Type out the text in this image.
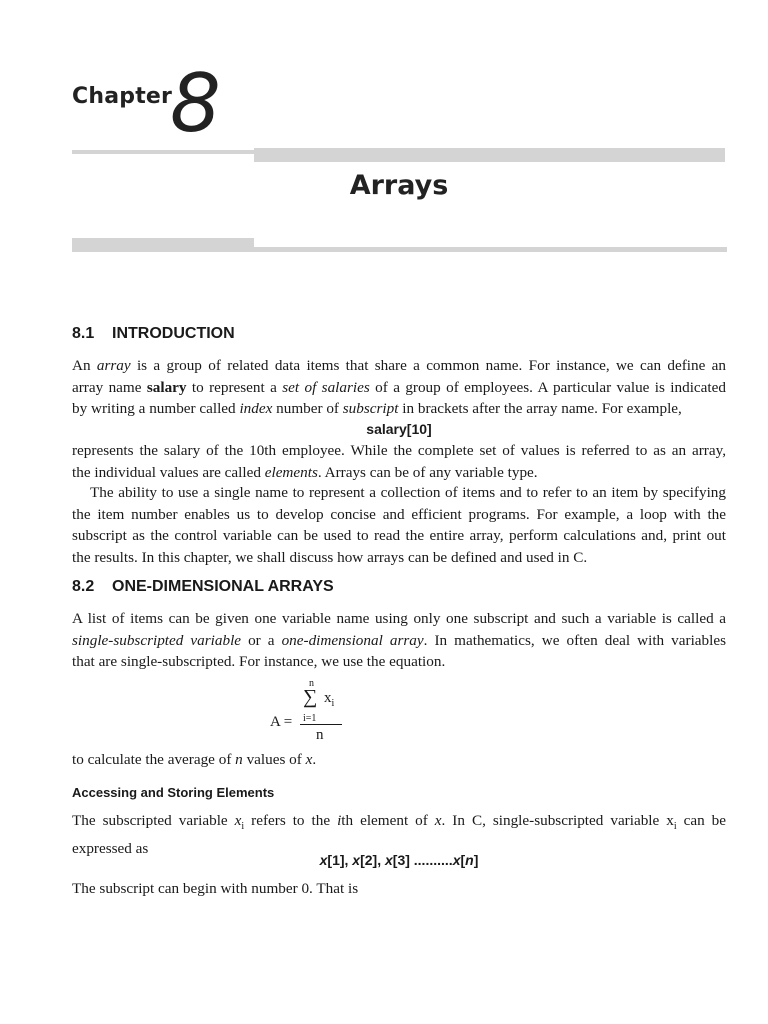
Chapter
8
Arrays
8.1 INTRODUCTION
An array is a group of related data items that share a common name. For instance, we can define an
array name salary to represent a set of salaries of a group of employees. A particular value is indicated
by writing a number called index number of subscript in brackets after the array name. For example,
salary[10]
represents the salary of the 10th employee. While the complete set of values is referred to as an array,
the individual values are called elements. Arrays can be of any variable type.
The ability to use a single name to represent a collection of items and to refer to an item by specifying
the item number enables us to develop concise and efficient programs. For example, a loop with the
subscript as the control variable can be used to read the entire array, perform calculations and, print out
the results. In this chapter, we shall discuss how arrays can be defined and used in C.
8.2 ONE-DIMENSIONAL ARRAYS
A list of items can be given one variable name using only one subscript and such a variable is called a
single-subscripted variable or a one-dimensional array. In mathematics, we often deal with variables
that are single-subscripted. For instance, we use the equation.
A =
n
∑ $x_i$
i=1
n
to calculate the average of n values of x.
Accessing and Storing Elements
The subscripted variable $x_i$ refers to the ith element of x. In C, single-subscripted variable $x_i$ can be
expressed as
x[1], x[2], x[3] ..........x[n]
The subscript can begin with number 0. That is
